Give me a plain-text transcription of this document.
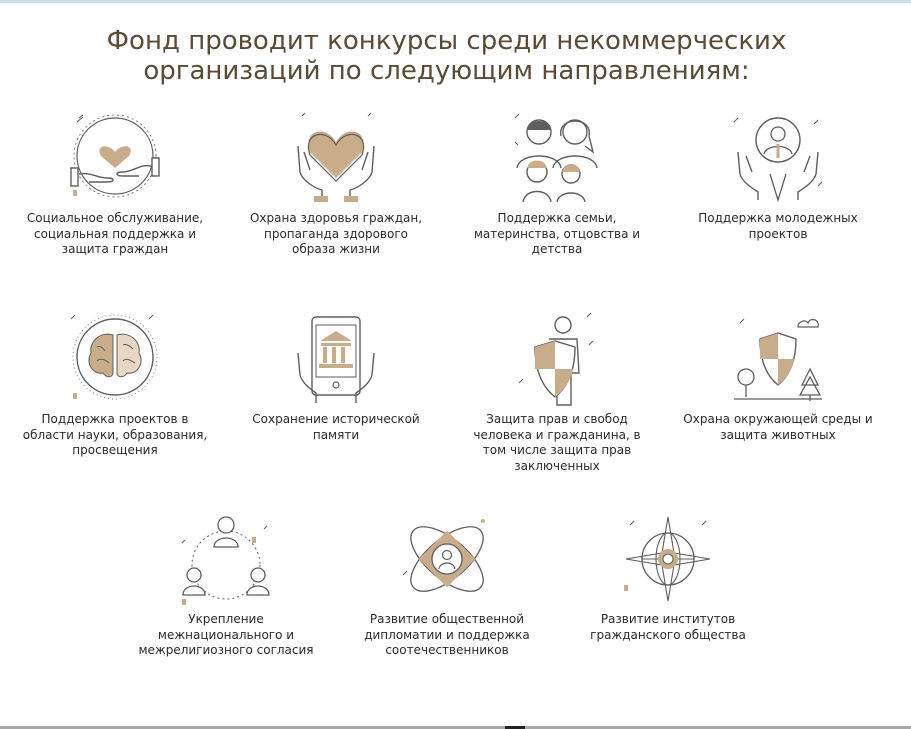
Фонд проводит конкурсы среди некоммерческих
организаций по следующим направлениям:
Социальное обслуживание, социальная поддержка и защита граждан
Охрана здоровья граждан, пропаганда здорового образа жизни
Поддержка семьи, материнства, отцовства и детства
Поддержка молодежных проектов
Поддержка проектов в области науки, образования, просвещения
Сохранение исторической памяти
Защита прав и свобод человека и гражданина, в том числе защита прав заключенных
Охрана окружающей среды и защита животных
Укрепление межнационального и межрелигиозного согласия
Развитие общественной дипломатии и поддержка соотечественников
Развитие институтов гражданского общества
